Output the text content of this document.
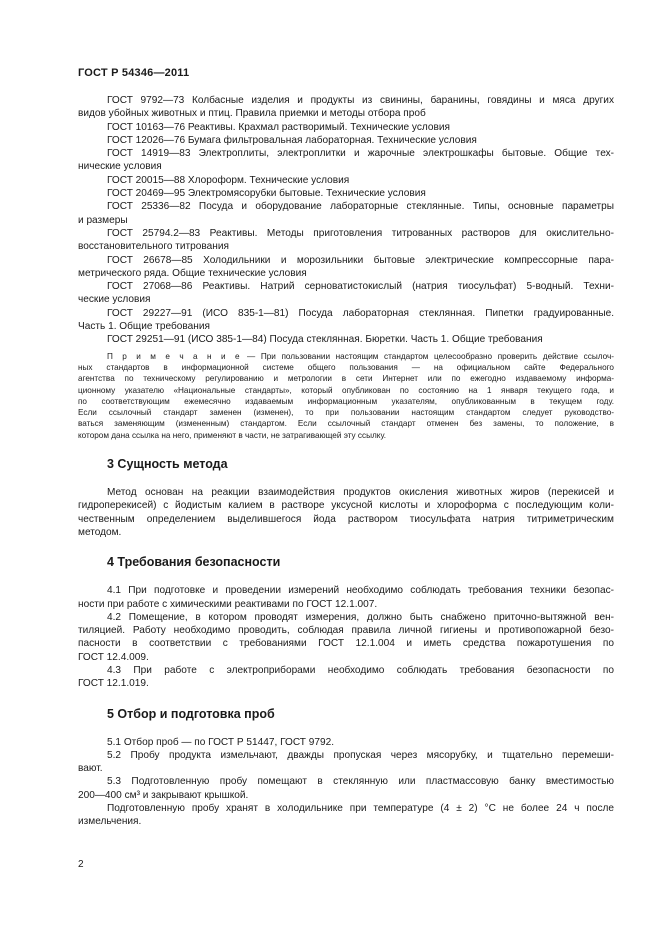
ГОСТ Р 54346—2011
ГОСТ 9792—73 Колбасные изделия и продукты из свинины, баранины, говядины и мяса других
видов убойных животных и птиц. Правила приемки и методы отбора проб
ГОСТ 10163—76 Реактивы. Крахмал растворимый. Технические условия
ГОСТ 12026—76 Бумага фильтровальная лабораторная. Технические условия
ГОСТ 14919—83 Электроплиты, электроплитки и жарочные электрошкафы бытовые. Общие тех-
нические условия
ГОСТ 20015—88 Хлороформ. Технические условия
ГОСТ 20469—95 Электромясорубки бытовые. Технические условия
ГОСТ 25336—82 Посуда и оборудование лабораторные стеклянные. Типы, основные параметры
и размеры
ГОСТ 25794.2—83 Реактивы. Методы приготовления титрованных растворов для окислительно-
восстановительного титрования
ГОСТ 26678—85 Холодильники и морозильники бытовые электрические компрессорные пара-
метрического ряда. Общие технические условия
ГОСТ 27068—86 Реактивы. Натрий серноватистокислый (натрия тиосульфат) 5-водный. Техни-
ческие условия
ГОСТ 29227—91 (ИСО 835-1—81) Посуда лабораторная стеклянная. Пипетки градуированные.
Часть 1. Общие требования
ГОСТ 29251—91 (ИСО 385-1—84) Посуда стеклянная. Бюретки. Часть 1. Общие требования
П р и м е ч а н и е — При пользовании настоящим стандартом целесообразно проверить действие ссылоч-
ных стандартов в информационной системе общего пользования — на официальном сайте Федерального
агентства по техническому регулированию и метрологии в сети Интернет или по ежегодно издаваемому информа-
ционному указателю «Национальные стандарты», который опубликован по состоянию на 1 января текущего года, и
по соответствующим ежемесячно издаваемым информационным указателям, опубликованным в текущем году.
Если ссылочный стандарт заменен (изменен), то при пользовании настоящим стандартом следует руководство-
ваться заменяющим (измененным) стандартом. Если ссылочный стандарт отменен без замены, то положение, в
котором дана ссылка на него, применяют в части, не затрагивающей эту ссылку.
3 Сущность метода
Метод основан на реакции взаимодействия продуктов окисления животных жиров (перекисей и
гидроперекисей) с йодистым калием в растворе уксусной кислоты и хлороформа с последующим коли-
чественным определением выделившегося йода раствором тиосульфата натрия титриметрическим
методом.
4 Требования безопасности
4.1 При подготовке и проведении измерений необходимо соблюдать требования техники безопас-
ности при работе с химическими реактивами по ГОСТ 12.1.007.
4.2 Помещение, в котором проводят измерения, должно быть снабжено приточно-вытяжной вен-
тиляцией. Работу необходимо проводить, соблюдая правила личной гигиены и противопожарной безо-
пасности в соответствии с требованиями ГОСТ 12.1.004 и иметь средства пожаротушения по
ГОСТ 12.4.009.
4.3 При работе с электроприборами необходимо соблюдать требования безопасности по
ГОСТ 12.1.019.
5 Отбор и подготовка проб
5.1 Отбор проб — по ГОСТ Р 51447, ГОСТ 9792.
5.2 Пробу продукта измельчают, дважды пропуская через мясорубку, и тщательно перемеши-
вают.
5.3 Подготовленную пробу помещают в стеклянную или пластмассовую банку вместимостью
200—400 см³ и закрывают крышкой.
Подготовленную пробу хранят в холодильнике при температуре (4 ± 2) °С не более 24 ч после
измельчения.
2
